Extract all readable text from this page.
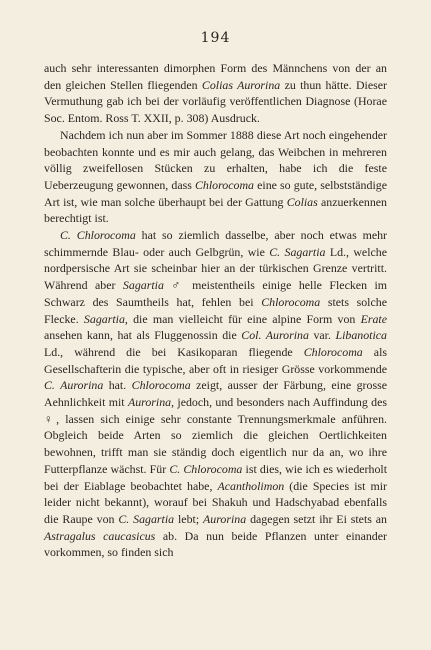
194

auch sehr interessanten dimorphen Form des Männchens von der an den gleichen Stellen fliegenden Colias Aurorina zu thun hätte. Dieser Vermuthung gab ich bei der vorläufig veröffentlichen Diagnose (Horae Soc. Entom. Ross T. XXII, p. 308) Ausdruck.

Nachdem ich nun aber im Sommer 1888 diese Art noch eingehender beobachten konnte und es mir auch gelang, das Weibchen in mehreren völlig zweifellosen Stücken zu erhalten, habe ich die feste Ueberzeugung gewonnen, dass Chlorocoma eine so gute, selbstständige Art ist, wie man solche überhaupt bei der Gattung Colias anzuerkennen berechtigt ist.

C. Chlorocoma hat so ziemlich dasselbe, aber noch etwas mehr schimmernde Blau- oder auch Gelbgrün, wie C. Sagartia Ld., welche nordpersische Art sie scheinbar hier an der türkischen Grenze vertritt. Während aber Sagartia ♂ meistentheils einige helle Flecken im Schwarz des Saumtheils hat, fehlen bei Chlorocoma stets solche Flecke. Sagartia, die man vielleicht für eine alpine Form von Erate ansehen kann, hat als Fluggenossin die Col. Aurorina var. Libanotica Ld., während die bei Kasikoparan fliegende Chlorocoma als Gesellschafterin die typische, aber oft in riesiger Grösse vorkommende C. Aurorina hat. Chlorocoma zeigt, ausser der Färbung, eine grosse Aehnlichkeit mit Aurorina, jedoch, und besonders nach Auffindung des ♀, lassen sich einige sehr constante Trennungsmerkmale anführen. Obgleich beide Arten so ziemlich die gleichen Oertlichkeiten bewohnen, trifft man sie ständig doch eigentlich nur da an, wo ihre Futterpflanze wächst. Für C. Chlorocoma ist dies, wie ich es wiederholt bei der Eiablage beobachtet habe, Acantholimon (die Species ist mir leider nicht bekannt), worauf bei Shakuh und Hadschyabad ebenfalls die Raupe von C. Sagartia lebt; Aurorina dagegen setzt ihr Ei stets an Astragalus caucasicus ab. Da nun beide Pflanzen unter einander vorkommen, so finden sich
